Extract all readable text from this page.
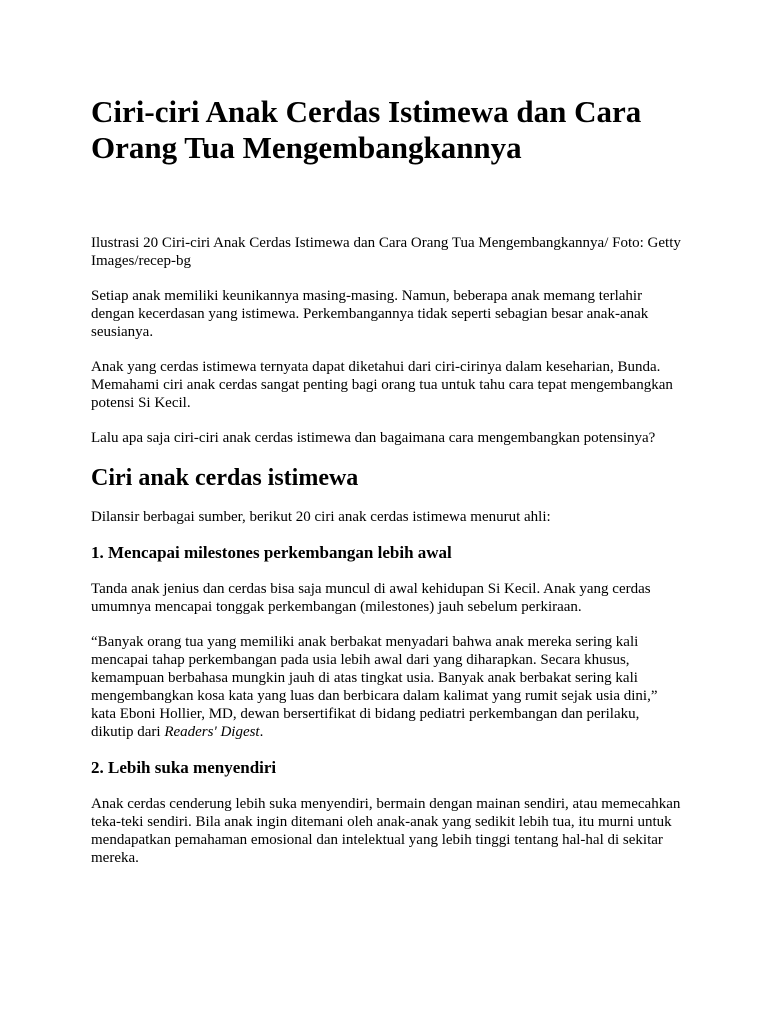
Ciri-ciri Anak Cerdas Istimewa dan Cara Orang Tua Mengembangkannya

Ilustrasi 20 Ciri-ciri Anak Cerdas Istimewa dan Cara Orang Tua Mengembangkannya/ Foto: Getty Images/recep-bg

Setiap anak memiliki keunikannya masing-masing. Namun, beberapa anak memang terlahir dengan kecerdasan yang istimewa. Perkembangannya tidak seperti sebagian besar anak-anak seusianya.

Anak yang cerdas istimewa ternyata dapat diketahui dari ciri-cirinya dalam keseharian, Bunda. Memahami ciri anak cerdas sangat penting bagi orang tua untuk tahu cara tepat mengembangkan potensi Si Kecil.

Lalu apa saja ciri-ciri anak cerdas istimewa dan bagaimana cara mengembangkan potensinya?

Ciri anak cerdas istimewa

Dilansir berbagai sumber, berikut 20 ciri anak cerdas istimewa menurut ahli:

1. Mencapai milestones perkembangan lebih awal

Tanda anak jenius dan cerdas bisa saja muncul di awal kehidupan Si Kecil. Anak yang cerdas umumnya mencapai tonggak perkembangan (milestones) jauh sebelum perkiraan.

“Banyak orang tua yang memiliki anak berbakat menyadari bahwa anak mereka sering kali mencapai tahap perkembangan pada usia lebih awal dari yang diharapkan. Secara khusus, kemampuan berbahasa mungkin jauh di atas tingkat usia. Banyak anak berbakat sering kali mengembangkan kosa kata yang luas dan berbicara dalam kalimat yang rumit sejak usia dini,” kata Eboni Hollier, MD, dewan bersertifikat di bidang pediatri perkembangan dan perilaku, dikutip dari Readers' Digest.

2. Lebih suka menyendiri

Anak cerdas cenderung lebih suka menyendiri, bermain dengan mainan sendiri, atau memecahkan teka-teki sendiri. Bila anak ingin ditemani oleh anak-anak yang sedikit lebih tua, itu murni untuk mendapatkan pemahaman emosional dan intelektual yang lebih tinggi tentang hal-hal di sekitar mereka.
